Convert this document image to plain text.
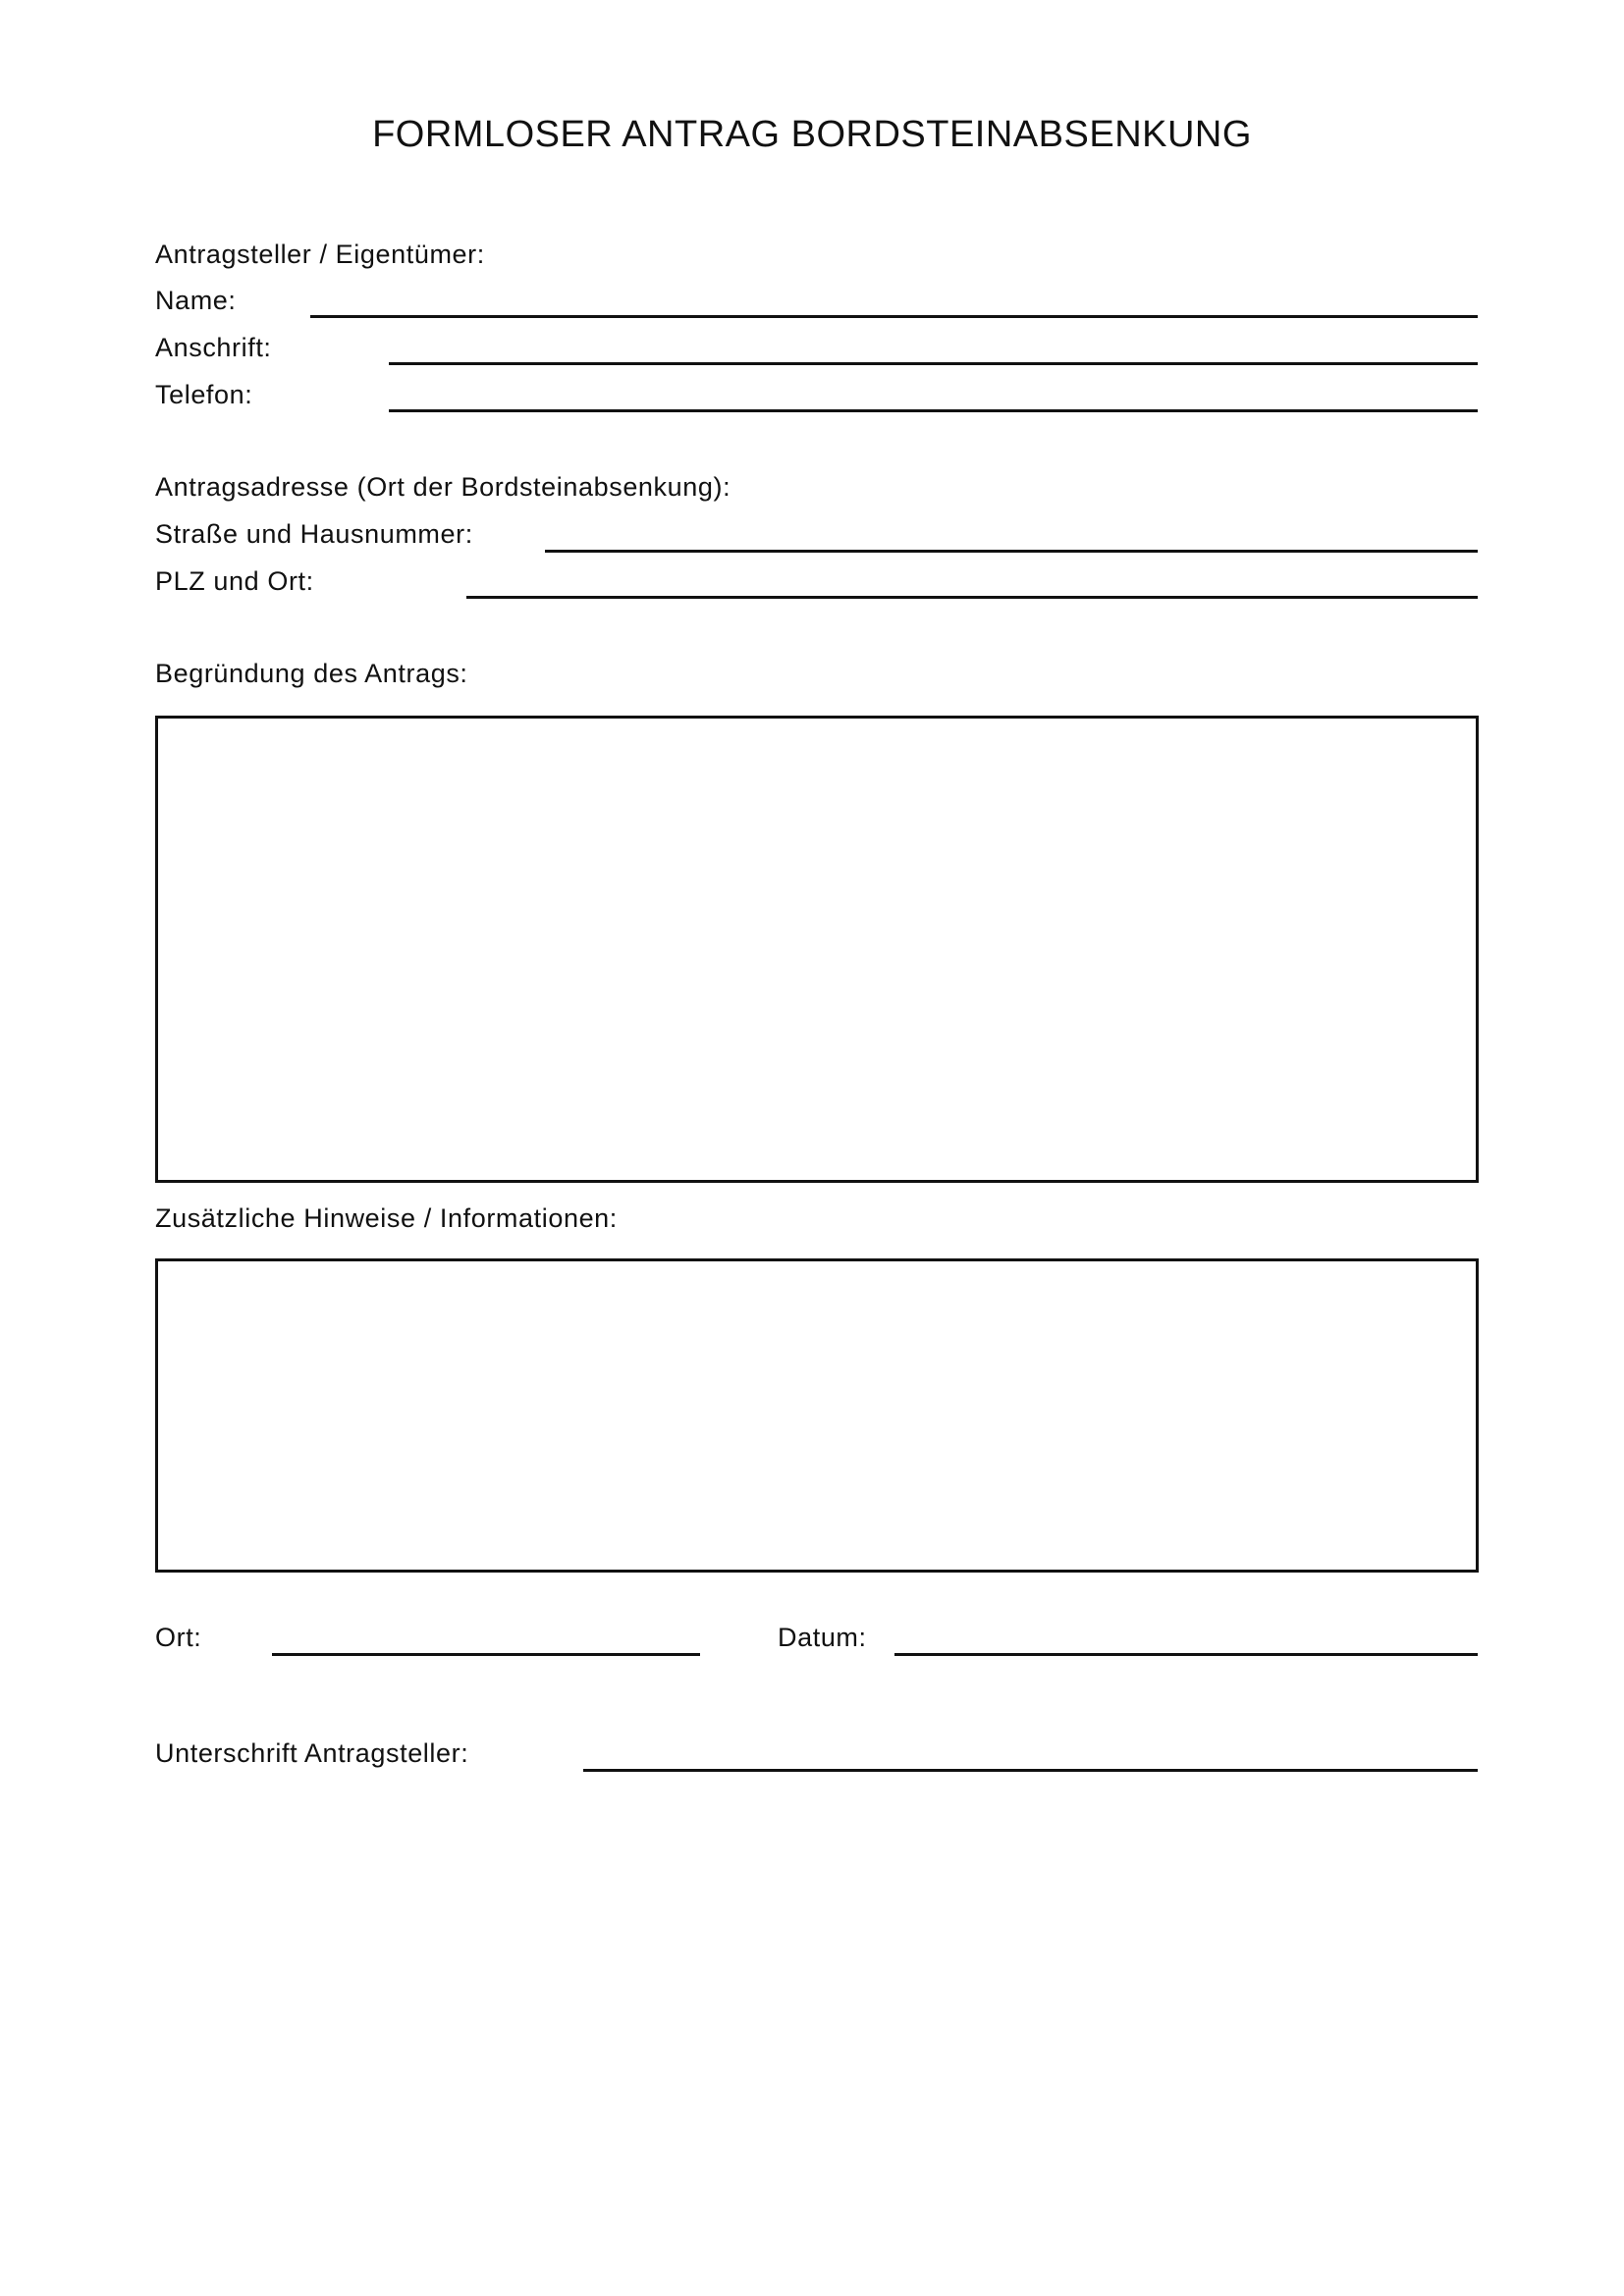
FORMLOSER ANTRAG BORDSTEINABSENKUNG
Antragsteller / Eigentümer:
Name:
Anschrift:
Telefon:
Antragsadresse (Ort der Bordsteinabsenkung):
Straße und Hausnummer:
PLZ und Ort:
Begründung des Antrags:
Zusätzliche Hinweise / Informationen:
Ort:	Datum:
Unterschrift Antragsteller:
